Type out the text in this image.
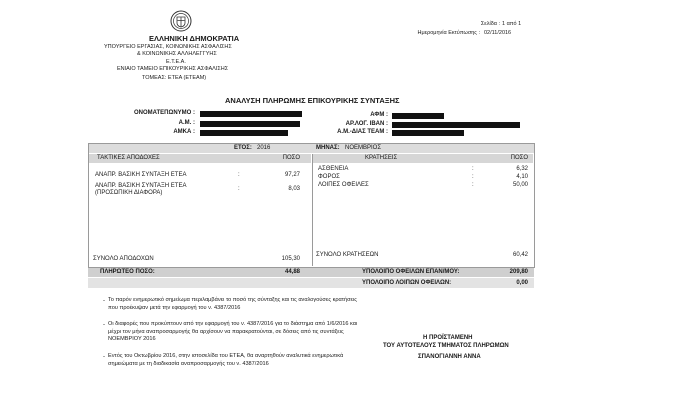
ΕΛΛΗΝΙΚΗ ΔΗΜΟΚΡΑΤΙΑ
ΥΠΟΥΡΓΕΙΟ ΕΡΓΑΣΙΑΣ, ΚΟΙΝΩΝΙΚΗΣ ΑΣΦΑΛΙΣΗΣ
& ΚΟΙΝΩΝΙΚΗΣ ΑΛΛΗΛΕΓΓΥΗΣ
Ε.Τ.Ε.Α.
ΕΝΙΑΙΟ ΤΑΜΕΙΟ ΕΠΙΚΟΥΡΙΚΗΣ ΑΣΦΑΛΙΣΗΣ
ΤΟΜΕΑΣ: ΕΤΕΑ (ΕΤΕΑΜ)
Σελίδα : 1 από 1
Ημερομηνία Εκτύπωσης : 02/11/2016
ΑΝΑΛΥΣΗ ΠΛΗΡΩΜΗΣ ΕΠΙΚΟΥΡΙΚΗΣ ΣΥΝΤΑΞΗΣ
ΟΝΟΜΑΤΕΠΩΝΥΜΟ :
Α.Μ. :
ΑΜΚΑ :
ΑΦΜ :
ΑΡ.ΛΟΓ. IBAN :
Α.Μ.-ΔΙΑΣ ΤΕΑΜ :
ΕΤΟΣ: 2016	ΜΗΝΑΣ: ΝΟΕΜΒΡΙΟΣ
ΤΑΚΤΙΚΕΣ ΑΠΟΔΟΧΕΣ	ΠΟΣΟ	ΚΡΑΤΗΣΕΙΣ	ΠΟΣΟ
ΑΝΑΠΡ. ΒΑΣΙΚΗ ΣΥΝΤΑΞΗ ΕΤΕΑ	:	97,27
ΑΝΑΠΡ. ΒΑΣΙΚΗ ΣΥΝΤΑΞΗ ΕΤΕΑ
(ΠΡΟΣΩΠΙΚΗ ΔΙΑΦΟΡΑ)
:	8,03
ΑΣΘΕΝΕΙΑ	:	6,32
ΦΟΡΟΣ	:	4,10
ΛΟΙΠΕΣ ΟΦΕΙΛΕΣ	:	50,00
ΣΥΝΟΛΟ ΑΠΟΔΟΧΩΝ	105,30
ΣΥΝΟΛΟ ΚΡΑΤΗΣΕΩΝ	60,42
ΠΛΗΡΩΤΕΟ ΠΟΣΟ:	44,88	ΥΠΟΛΟΙΠΟ ΟΦΕΙΛΩΝ ΕΠΑΝ/ΜΟΥ:	209,80
ΥΠΟΛΟΙΠΟ ΛΟΙΠΩΝ ΟΦΕΙΛΩΝ:	0,00
- Το παρόν ενημερωτικό σημείωμα περιλαμβάνει το ποσό της σύνταξης και τις αναλογούσες κρατήσεις που προέκυψαν μετά την εφαρμογή του ν. 4387/2016
- Οι διαφορές που προκύπτουν από την εφαρμογή του ν. 4387/2016 για το διάστημα από 1/6/2016 και μέχρι τον μήνα αναπροσαρμογής θα αρχίσουν να παρακρατούνται, σε δόσεις από τις συντάξεις ΝΟΕΜΒΡΙΟΥ 2016
- Εντός του Οκτωβρίου 2016, στην ιστοσελίδα του ΕΤΕΑ, θα αναρτηθούν αναλυτικά ενημερωτικά σημειώματα με τη διαδικασία αναπροσαρμογής του ν. 4387/2016
Η ΠΡΟΪΣΤΑΜΕΝΗ
ΤΟΥ ΑΥΤΟΤΕΛΟΥΣ ΤΜΗΜΑΤΟΣ ΠΛΗΡΩΜΩΝ
ΣΠΑΝΟΓΙΑΝΝΗ ΑΝΝΑ
